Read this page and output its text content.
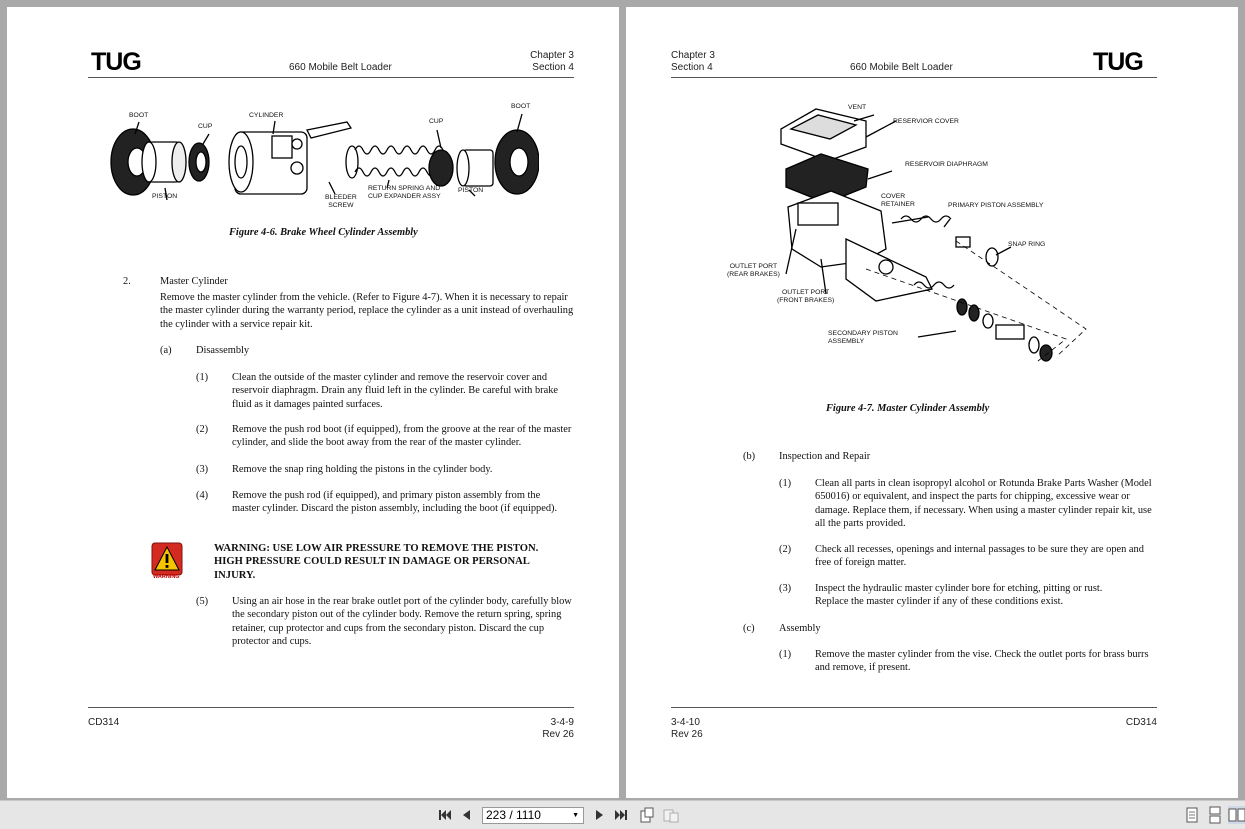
TUG	660 Mobile Belt Loader
Chapter 3
Section 4
BOOT	CYLINDER
CUP
CUP
BOOT
PISTON	BLEEDER
SCREW
RETURN SPRING AND
CUP EXPANDER ASSY
PISTON
Figure 4-6. Brake Wheel Cylinder Assembly
2.	Master Cylinder
Remove the master cylinder from the vehicle. (Refer to Figure 4-7). When it is necessary to repair the master cylinder during the warranty period, replace the cylinder as a unit instead of overhauling the cylinder with a service repair kit.
(a) Disassembly
(1) Clean the outside of the master cylinder and remove the reservoir cover and reservoir diaphragm. Drain any fluid left in the cylinder. Be careful with brake fluid as it damages painted surfaces.
(2) Remove the push rod boot (if equipped), from the groove at the rear of the master cylinder, and slide the boot away from the rear of the master cylinder.
(3) Remove the snap ring holding the pistons in the cylinder body.
(4) Remove the push rod (if equipped), and primary piston assembly from the master cylinder. Discard the piston assembly, including the boot (if equipped).
WARNING
WARNING: USE LOW AIR PRESSURE TO REMOVE THE PISTON. HIGH PRESSURE COULD RESULT IN DAMAGE OR PERSONAL INJURY.
(5) Using an air hose in the rear brake outlet port of the cylinder body, carefully blow the secondary piston out of the cylinder body. Remove the return spring, spring retainer, cup protector and cups from the secondary piston. Discard the cup protector and cups.
CD314	3-4-9
Rev 26
Chapter 3
Section 4	660 Mobile Belt Loader	TUG
VENT
RESERVIOR COVER
RESERVOIR DIAPHRAGM
COVER
RETAINER	PRIMARY PISTON ASSEMBLY
SNAP RING
OUTLET PORT
(REAR BRAKES)
OUTLET PORT
(FRONT BRAKES)
SECONDARY PISTON
ASSEMBLY
Figure 4-7. Master Cylinder Assembly
(b) Inspection and Repair
(1) Clean all parts in clean isopropyl alcohol or Rotunda Brake Parts Washer (Model 650016) or equivalent, and inspect the parts for chipping, excessive wear or damage. Replace them, if necessary. When using a master cylinder repair kit, use all the parts provided.
(2) Check all recesses, openings and internal passages to be sure they are open and free of foreign matter.
(3) Inspect the hydraulic master cylinder bore for etching, pitting or rust. Replace the master cylinder if any of these conditions exist.
(c) Assembly
(1) Remove the master cylinder from the vise. Check the outlet ports for brass burrs and remove, if present.
3-4-10
Rev 26
CD314
223 / 1110	▼
